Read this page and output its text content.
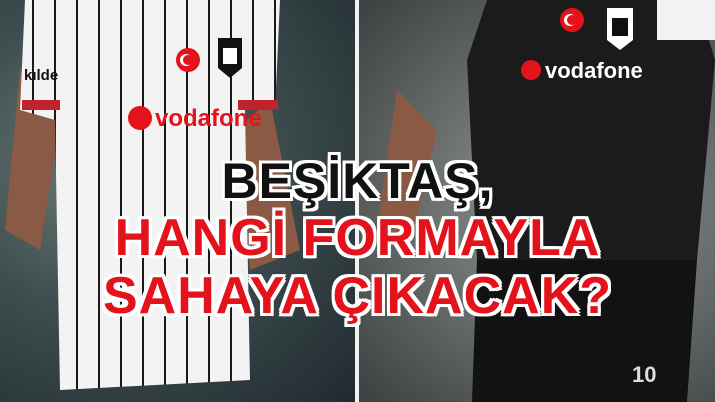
kılde
vodafone
10
vodafone
BEŞİKTAŞ,
HANGİ FORMAYLA
SAHAYA ÇIKACAK?
